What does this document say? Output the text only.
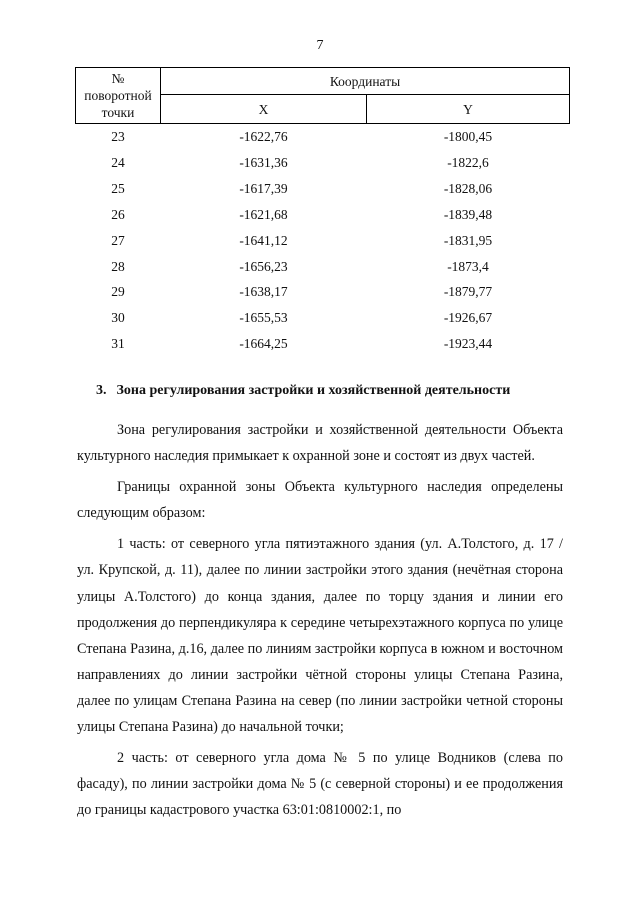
7
№
поворотной
точки	Координаты	
	X	Y
23	-1622,76	-1800,45
24	-1631,36	-1822,6
25	-1617,39	-1828,06
26	-1621,68	-1839,48
27	-1641,12	-1831,95
28	-1656,23	-1873,4
29	-1638,17	-1879,77
30	-1655,53	-1926,67
31	-1664,25	-1923,44
3. Зона регулирования застройки и хозяйственной деятельности

Зона регулирования застройки и хозяйственной деятельности Объекта культурного наследия примыкает к охранной зоне и состоят из двух частей.

Границы охранной зоны Объекта культурного наследия определены следующим образом:

1 часть: от северного угла пятиэтажного здания (ул. А.Толстого, д. 17 / ул. Крупской, д. 11), далее по линии застройки этого здания (нечётная сторона улицы А.Толстого) до конца здания, далее по торцу здания и линии его продолжения до перпендикуляра к середине четырехэтажного корпуса по улице Степана Разина, д.16, далее по линиям застройки корпуса в южном и восточном направлениях до линии застройки чётной стороны улицы Степана Разина, далее по улицам Степана Разина на север (по линии застройки четной стороны улицы Степана Разина) до начальной точки;

2 часть: от северного угла дома № 5 по улице Водников (слева по фасаду), по линии застройки дома № 5 (с северной стороны) и ее продолжения до границы кадастрового участка 63:01:0810002:1, по
